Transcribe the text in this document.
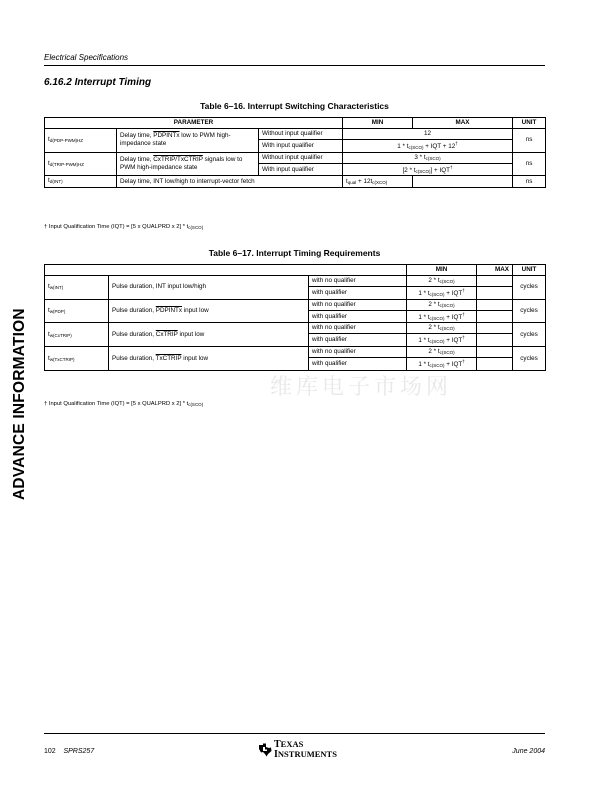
Electrical Specifications
6.16.2 Interrupt Timing
Table 6–16. Interrupt Switching Characteristics
PARAMETER			MIN	MAX	UNIT
$t_{d(PDP-PWM)HZ}$	Delay time, PDPINTx low to PWM high-impedance state	Without input qualifier	12		ns
		With input qualifier	$1 * t_{c(SCO)}$ + IQT + 12†
$t_{d(TRIP-PWM)HZ}$	Delay time, CxTRIP/TxCTRIP signals low to PWM high-impedance state	Without input qualifier	$3 * t_{c(SCO)}$		ns
		With input qualifier	$[2 * t_{c(SCO)}] + IQT^\dagger$
$t_{d(INT)}$	Delay time, INT low/high to interrupt-vector fetch		$t_{qual} + 12t_{c(XCO)}$		ns
† Input Qualification Time (IQT) = [5 x QUALPRD x $2] * t_{c(SCO)}$
Table 6–17. Interrupt Timing Requirements
			MIN	MAX	UNIT
$t_{w(INT)}$	Pulse duration, INT input low/high	with no qualifier	$2 * t_{c(SCO)}$		cycles
		with qualifier	$1 * t_{c(SCO)} + IQT^\dagger$	
$t_{w(PDP)}$	Pulse duration, PDPINTx input low	with no qualifier	$2 * t_{c(SCO)}$		cycles
		with qualifier	$1 * t_{c(SCO)} + IQT^\dagger$	
$t_{w(CxTRIP)}$	Pulse duration, CxTRIP input low	with no qualifier	$2 * t_{c(SCO)}$		cycles
		with qualifier	$1 * t_{c(SCO)} + IQT^\dagger$	
$t_{w(TxCTRIP)}$	Pulse duration, TxCTRIP input low	with no qualifier	$2 * t_{c(SCO)}$		cycles
		with qualifier	$1 * t_{c(SCO)} + IQT^\dagger$	
† Input Qualification Time (IQT) = [5 x QUALPRD x $2] * t_{c(SCO)}$
维库电子市场网
ADVANCE INFORMATION
102 SPRS257
TEXAS
INSTRUMENTS	June 2004
